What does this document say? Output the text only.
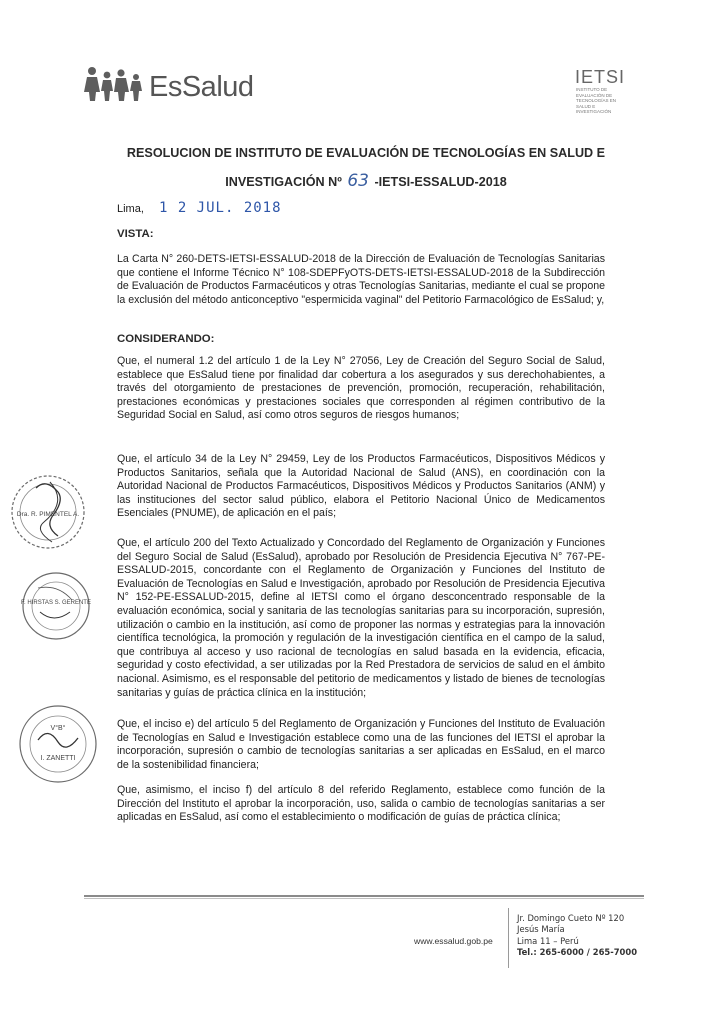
EsSalud	IETSI
INSTITUTO DE EVALUACIÓN DE TECNOLOGÍAS EN SALUD E INVESTIGACIÓN
RESOLUCION DE INSTITUTO DE EVALUACIÓN DE TECNOLOGÍAS EN SALUD E
INVESTIGACIÓN Nº 63 -IETSI-ESSALUD-2018
Lima, 1 2 JUL. 2018
VISTA:

La Carta N° 260-DETS-IETSI-ESSALUD-2018 de la Dirección de Evaluación de Tecnologías Sanitarias que contiene el Informe Técnico N° 108-SDEPFyOTS-DETS-IETSI-ESSALUD-2018 de la Subdirección de Evaluación de Productos Farmacéuticos y otras Tecnologías Sanitarias, mediante el cual se propone la exclusión del método anticonceptivo "espermicida vaginal" del Petitorio Farmacológico de EsSalud; y,

CONSIDERANDO:

Que, el numeral 1.2 del artículo 1 de la Ley N° 27056, Ley de Creación del Seguro Social de Salud, establece que EsSalud tiene por finalidad dar cobertura a los asegurados y sus derechohabientes, a través del otorgamiento de prestaciones de prevención, promoción, recuperación, rehabilitación, prestaciones económicas y prestaciones sociales que corresponden al régimen contributivo de la Seguridad Social en Salud, así como otros seguros de riesgos humanos;

Que, el artículo 34 de la Ley N° 29459, Ley de los Productos Farmacéuticos, Dispositivos Médicos y Productos Sanitarios, señala que la Autoridad Nacional de Salud (ANS), en coordinación con la Autoridad Nacional de Productos Farmacéuticos, Dispositivos Médicos y Productos Sanitarios (ANM) y las instituciones del sector salud público, elabora el Petitorio Nacional Único de Medicamentos Esenciales (PNUME), de aplicación en el país;

Que, el artículo 200 del Texto Actualizado y Concordado del Reglamento de Organización y Funciones del Seguro Social de Salud (EsSalud), aprobado por Resolución de Presidencia Ejecutiva N° 767-PE-ESSALUD-2015, concordante con el Reglamento de Organización y Funciones del Instituto de Evaluación de Tecnologías en Salud e Investigación, aprobado por Resolución de Presidencia Ejecutiva N° 152-PE-ESSALUD-2015, define al IETSI como el órgano desconcentrado responsable de la evaluación económica, social y sanitaria de las tecnologías sanitarias para su incorporación, supresión, utilización o cambio en la institución, así como de proponer las normas y estrategias para la innovación científica tecnológica, la promoción y regulación de la investigación científica en el campo de la salud, que contribuya al acceso y uso racional de tecnologías en salud basada en la evidencia, eficacia, seguridad y costo efectividad, a ser utilizadas por la Red Prestadora de servicios de salud en el ámbito nacional. Asimismo, es el responsable del petitorio de medicamentos y listado de bienes de tecnologías sanitarias y guías de práctica clínica en la institución;

Que, el inciso e) del artículo 5 del Reglamento de Organización y Funciones del Instituto de Evaluación de Tecnologías en Salud e Investigación establece como una de las funciones del IETSI el aprobar la incorporación, supresión o cambio de tecnologías sanitarias a ser aplicadas en EsSalud, en el marco de la sostenibilidad financiera;

Que, asimismo, el inciso f) del artículo 8 del referido Reglamento, establece como función de la Dirección del Instituto el aprobar la incorporación, uso, salida o cambio de tecnologías sanitarias a ser aplicadas en EsSalud, así como el establecimiento o modificación de guías de práctica clínica;

Dra. R. PIMENTEL A.
F. HIRSTAS S. GERENTE
V°B°
I. ZANETTI
www.essalud.gob.pe
Jr. Domingo Cueto Nº 120
Jesús María
Lima 11 – Perú
Tel.: 265-6000 / 265-7000
